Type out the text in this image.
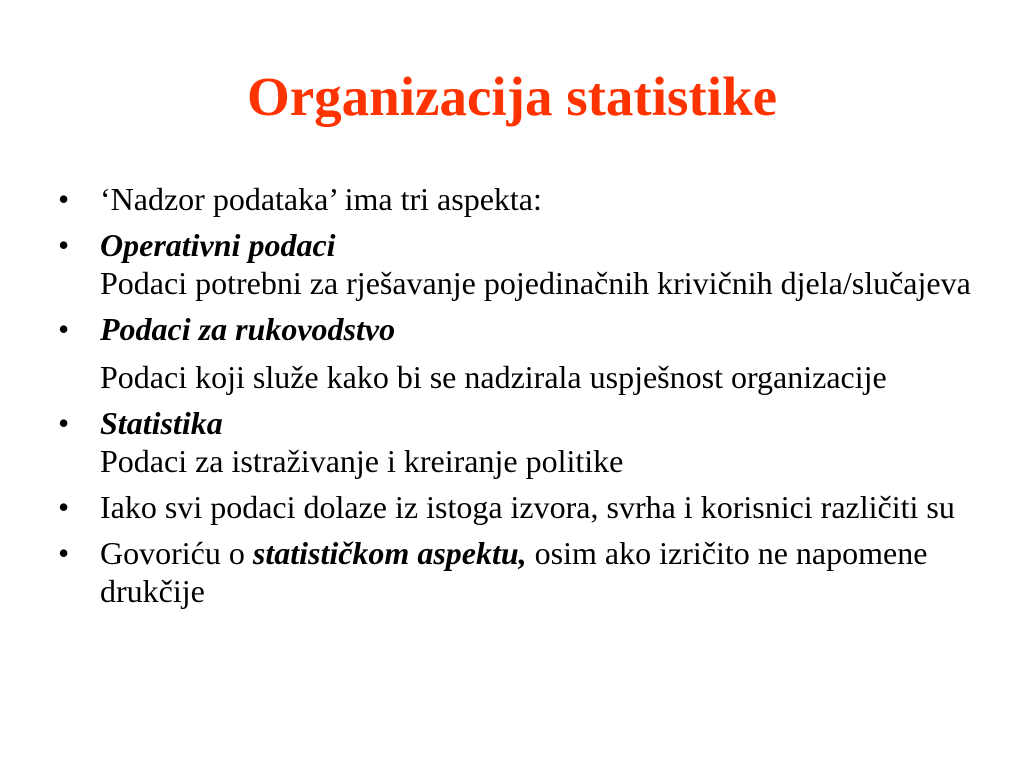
Organizacija statistike
• ‘Nadzor podataka’ ima tri aspekta:
• Operativni podaci
Podaci potrebni za rješavanje pojedinačnih krivičnih djela/slučajeva
• Podaci za rukovodstvo
Podaci koji služe kako bi se nadzirala uspješnost organizacije
• Statistika
Podaci za istraživanje i kreiranje politike
• Iako svi podaci dolaze iz istoga izvora, svrha i korisnici različiti su
• Govoriću o statističkom aspektu, osim ako izričito ne napomene drukčije
